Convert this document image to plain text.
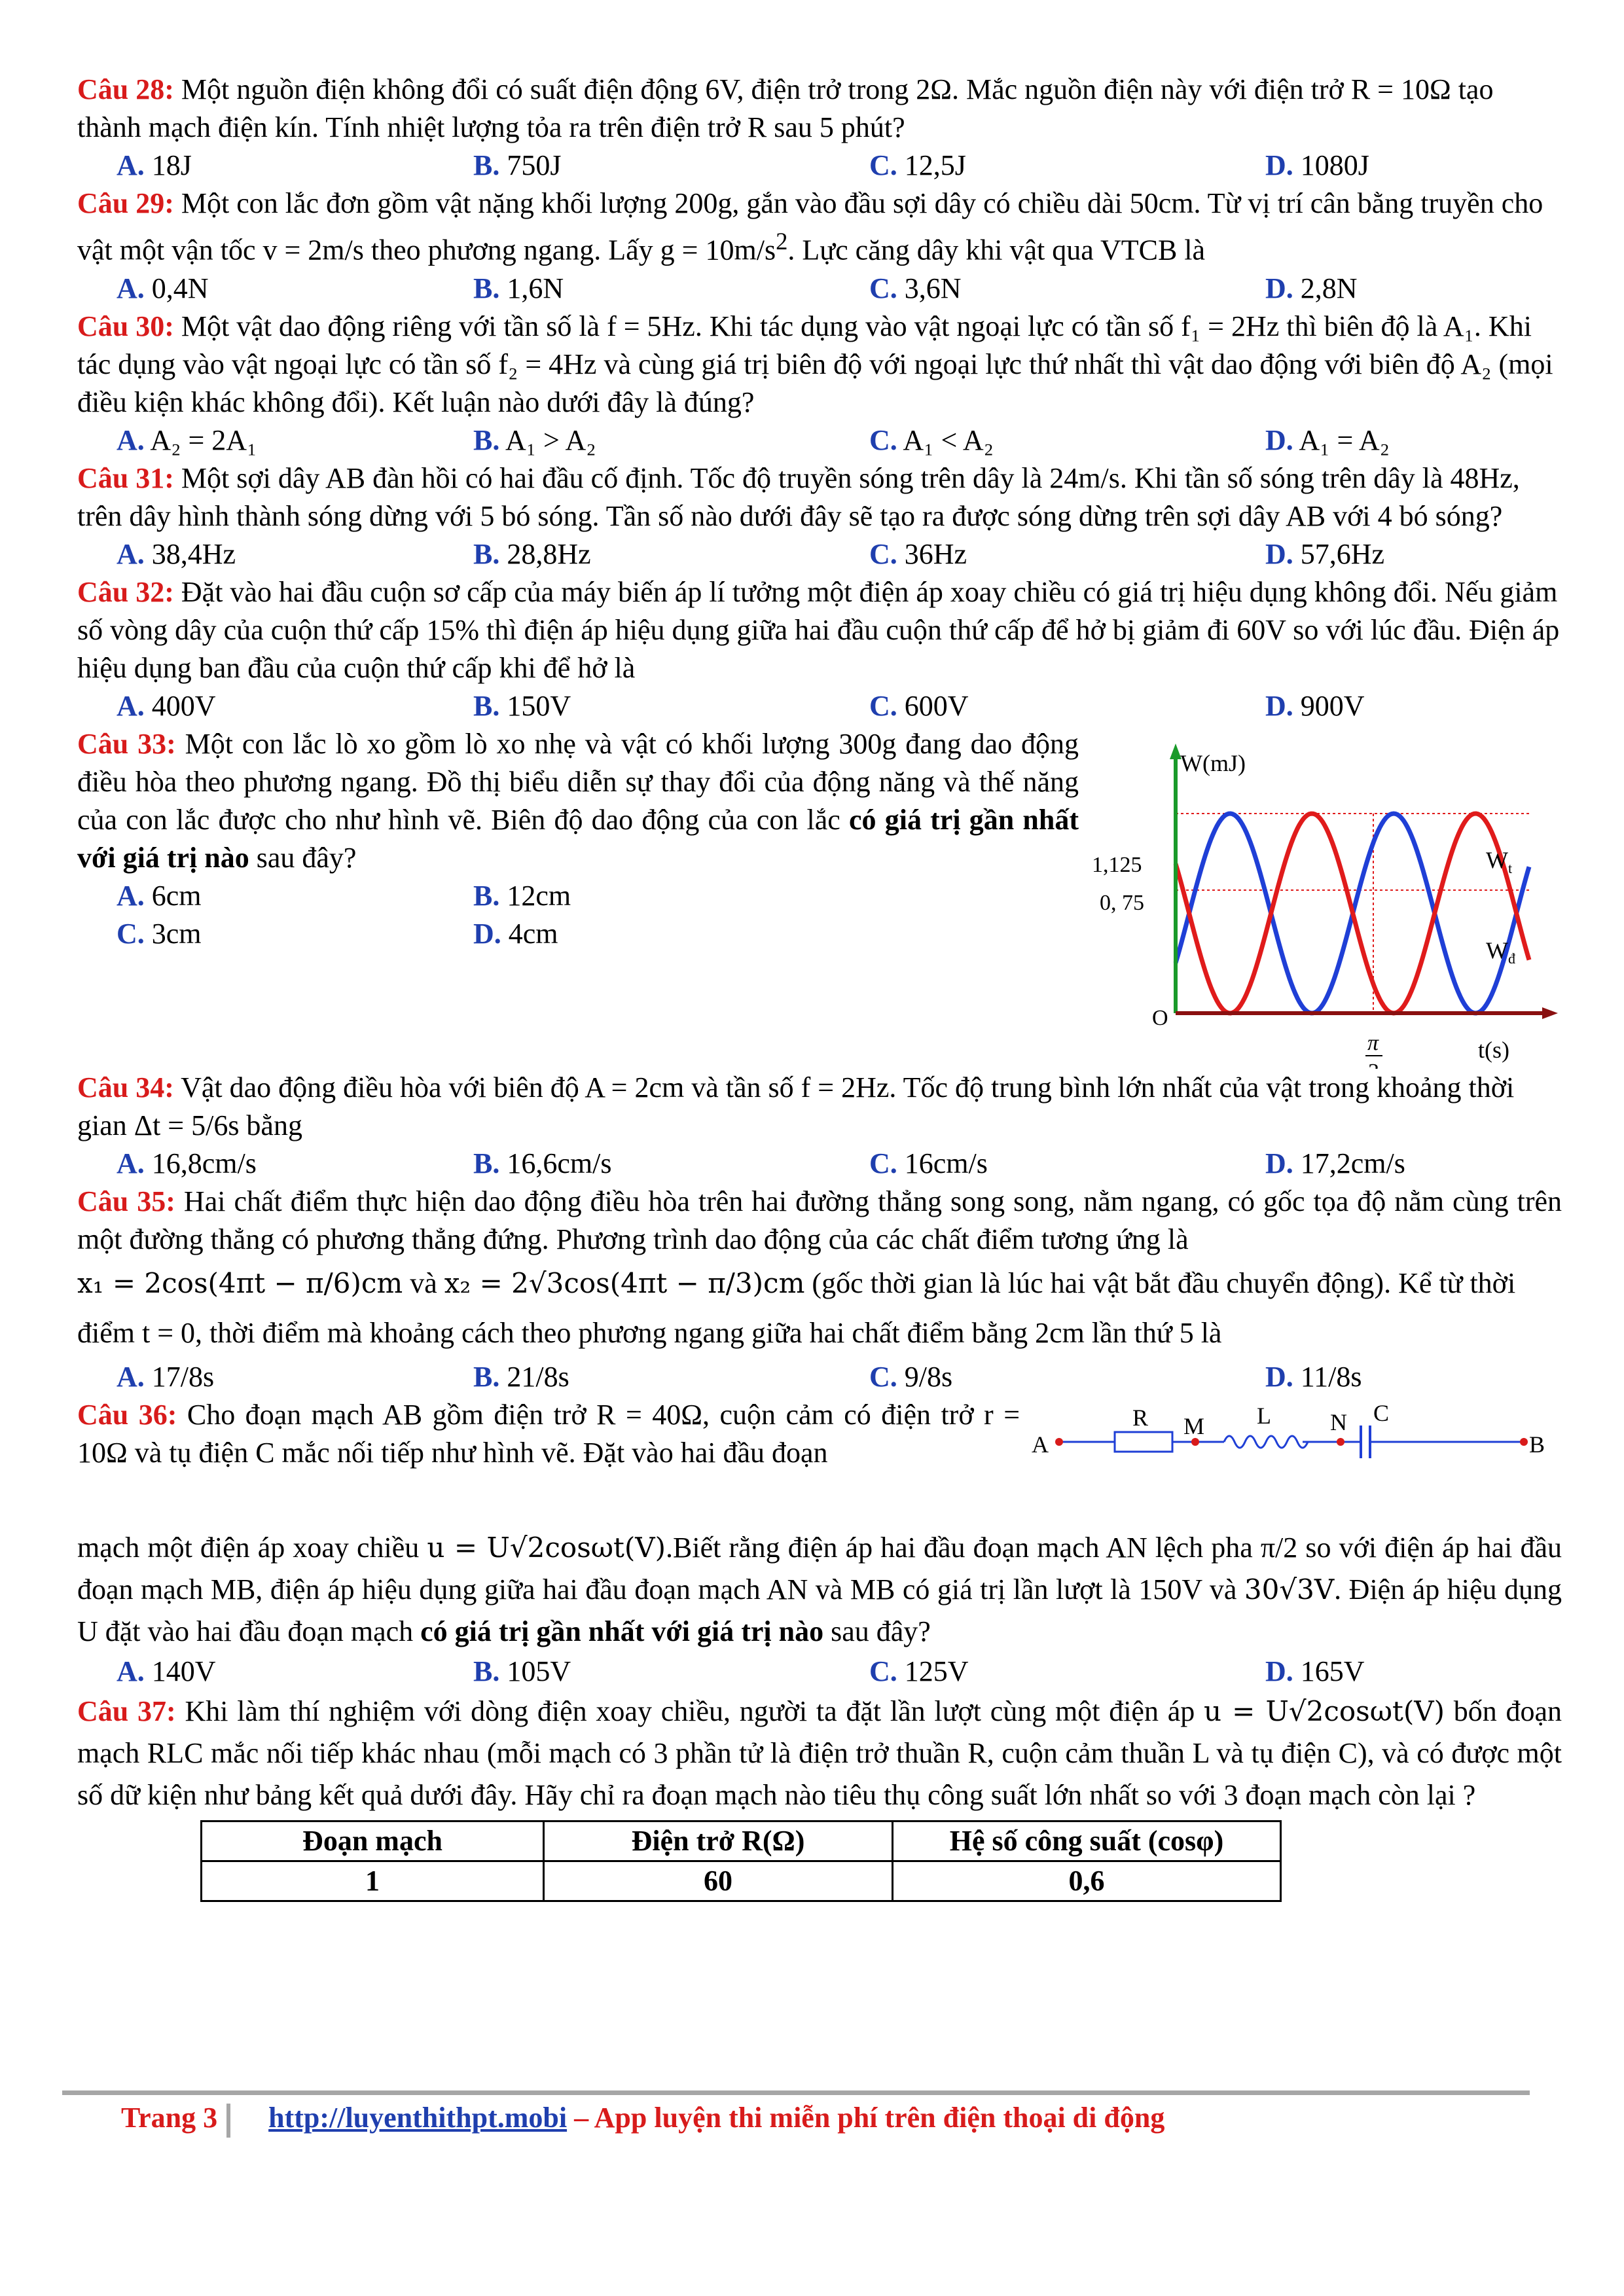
Câu 28: Một nguồn điện không đổi có suất điện động 6V, điện trở trong 2Ω. Mắc nguồn điện này với điện trở R = 10Ω tạo thành mạch điện kín. Tính nhiệt lượng tỏa ra trên điện trở R sau 5 phút?
A. 18J	B. 750J	C. 12,5J	D. 1080J
Câu 29: Một con lắc đơn gồm vật nặng khối lượng 200g, gắn vào đầu sợi dây có chiều dài 50cm. Từ vị trí cân bằng truyền cho vật một vận tốc v = 2m/s theo phương ngang. Lấy $g = 10m/s^2$. Lực căng dây khi vật qua VTCB là
A. 0,4N	B. 1,6N	C. 3,6N	D. 2,8N
Câu 30: Một vật dao động riêng với tần số là f = 5Hz. Khi tác dụng vào vật ngoại lực có tần số f₁ = 2Hz thì biên độ là A₁. Khi tác dụng vào vật ngoại lực có tần số f₂ = 4Hz và cùng giá trị biên độ với ngoại lực thứ nhất thì vật dao động với biên độ A₂ (mọi điều kiện khác không đổi). Kết luận nào dưới đây là đúng?
A. A₂ = 2A₁	B. A₁ > A₂	C. A₁ < A₂	D. A₁ = A₂
Câu 31: Một sợi dây AB đàn hồi có hai đầu cố định. Tốc độ truyền sóng trên dây là 24m/s. Khi tần số sóng trên dây là 48Hz, trên dây hình thành sóng dừng với 5 bó sóng. Tần số nào dưới đây sẽ tạo ra được sóng dừng trên sợi dây AB với 4 bó sóng?
A. 38,4Hz	B. 28,8Hz	C. 36Hz	D. 57,6Hz
Câu 32: Đặt vào hai đầu cuộn sơ cấp của máy biến áp lí tưởng một điện áp xoay chiều có giá trị hiệu dụng không đổi. Nếu giảm số vòng dây của cuộn thứ cấp 15% thì điện áp hiệu dụng giữa hai đầu cuộn thứ cấp để hở bị giảm đi 60V so với lúc đầu. Điện áp hiệu dụng ban đầu của cuộn thứ cấp khi để hở là
A. 400V	B. 150V	C. 600V	D. 900V
Câu 33: Một con lắc lò xo gồm lò xo nhẹ và vật có khối lượng 300g đang dao động điều hòa theo phương ngang. Đồ thị biểu diễn sự thay đổi của động năng và thế năng của con lắc được cho như hình vẽ. Biên độ dao động của con lắc có giá trị gần nhất với giá trị nào sau đây?
A. 6cm	B. 12cm
C. 3cm	D. 4cm
W(mJ)
1,125
0, 75
O
π	t(s)
$W_t$
$W_đ$
Câu 34: Vật dao động điều hòa với biên độ A = 2cm và tần số f = 2Hz. Tốc độ trung bình lớn nhất của vật trong khoảng thời gian Δt = 5/6s bằng
A. 16,8cm/s	B. 16,6cm/s	C. 16cm/s	D. 17,2cm/s
Câu 35: Hai chất điểm thực hiện dao động điều hòa trên hai đường thẳng song song, nằm ngang, có gốc tọa độ nằm cùng trên một đường thẳng có phương thẳng đứng. Phương trình dao động của các chất điểm tương ứng là
x₁ = 2cos(4πt − π/6)cm và x₂ = 2√3cos(4πt − π/3)cm (gốc thời gian là lúc hai vật bắt đầu chuyển động). Kể từ thời điểm t = 0, thời điểm mà khoảng cách theo phương ngang giữa hai chất điểm bằng 2cm lần thứ 5 là
A. 17/8s	B. 21/8s	C. 9/8s	D. 11/8s
Câu 36: Cho đoạn mạch AB gồm điện trở R = 40Ω, cuộn cảm có điện trở r = 10Ω và tụ điện C mắc nối tiếp như hình vẽ. Đặt vào hai đầu đoạn	A
R M L	N C
B
mạch một điện áp xoay chiều u = U√2cosωt(V).Biết rằng điện áp hai đầu đoạn mạch AN lệch pha π/2 so với điện áp hai đầu đoạn mạch MB, điện áp hiệu dụng giữa hai đầu đoạn mạch AN và MB có giá trị lần lượt là 150V và 30√3V. Điện áp hiệu dụng U đặt vào hai đầu đoạn mạch có giá trị gần nhất với giá trị nào sau đây?
A. 140V	B. 105V	C. 125V	D. 165V
Câu 37: Khi làm thí nghiệm với dòng điện xoay chiều, người ta đặt lần lượt cùng một điện áp u = U√2cosωt(V) bốn đoạn mạch RLC mắc nối tiếp khác nhau (mỗi mạch có 3 phần tử là điện trở thuần R, cuộn cảm thuần L và tụ điện C), và có được một số dữ kiện như bảng kết quả dưới đây. Hãy chỉ ra đoạn mạch nào tiêu thụ công suất lớn nhất so với 3 đoạn mạch còn lại ?
Đoạn mạch	Điện trở R(Ω)	Hệ số công suất (cosφ)
1	60	0,6
Trang 3 http://luyenthithpt.mobi – App luyện thi miễn phí trên điện thoại di động
